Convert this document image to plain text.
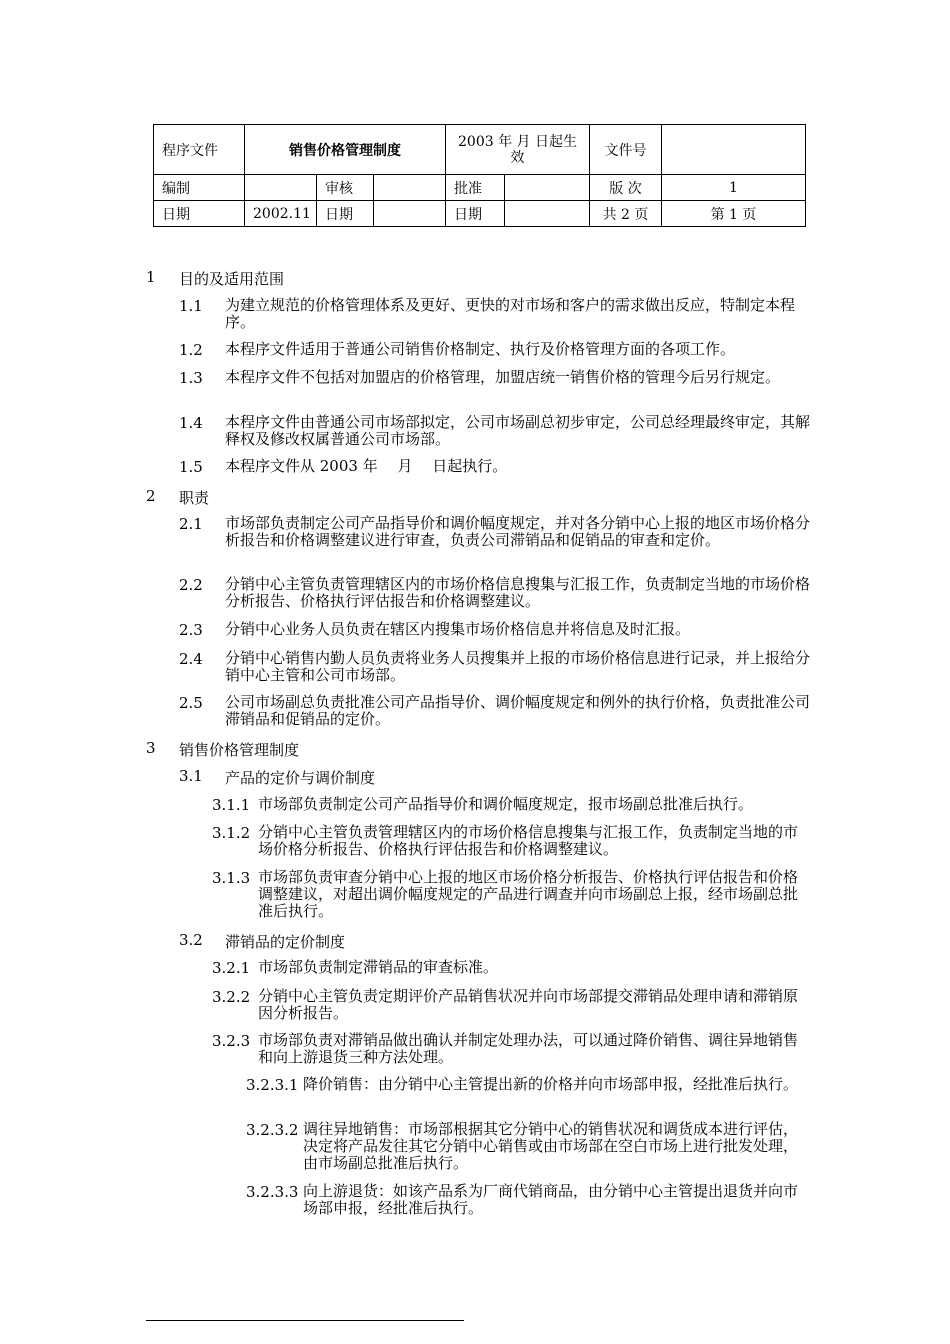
程序文件	销售价格管理制度			2003 年 月 日起生效		文件号	
编制		审核		批准		版 次	1
日期	2002.11	日期		日期		共 2 页	第 1 页
1 目的及适用范围
1.1 为建立规范的价格管理体系及更好、更快的对市场和客户的需求做出反应，特制定本程序。
1.2 本程序文件适用于普通公司销售价格制定、执行及价格管理方面的各项工作。
1.3 本程序文件不包括对加盟店的价格管理，加盟店统一销售价格的管理今后另行规定。
1.4 本程序文件由普通公司市场部拟定，公司市场副总初步审定，公司总经理最终审定，其解释权及修改权属普通公司市场部。
1.5 本程序文件从 2003 年　 月　 日起执行。
2 职责
2.1 市场部负责制定公司产品指导价和调价幅度规定，并对各分销中心上报的地区市场价格分析报告和价格调整建议进行审查，负责公司滞销品和促销品的审查和定价。
2.2 分销中心主管负责管理辖区内的市场价格信息搜集与汇报工作，负责制定当地的市场价格分析报告、价格执行评估报告和价格调整建议。
2.3 分销中心业务人员负责在辖区内搜集市场价格信息并将信息及时汇报。
2.4 分销中心销售内勤人员负责将业务人员搜集并上报的市场价格信息进行记录，并上报给分销中心主管和公司市场部。
2.5 公司市场副总负责批准公司产品指导价、调价幅度规定和例外的执行价格，负责批准公司滞销品和促销品的定价。
3 销售价格管理制度
3.1 产品的定价与调价制度
3.1.1 市场部负责制定公司产品指导价和调价幅度规定，报市场副总批准后执行。
3.1.2 分销中心主管负责管理辖区内的市场价格信息搜集与汇报工作，负责制定当地的市场价格分析报告、价格执行评估报告和价格调整建议。
3.1.3 市场部负责审查分销中心上报的地区市场价格分析报告、价格执行评估报告和价格调整建议，对超出调价幅度规定的产品进行调查并向市场副总上报，经市场副总批准后执行。
3.2 滞销品的定价制度
3.2.1 市场部负责制定滞销品的审查标准。
3.2.2 分销中心主管负责定期评价产品销售状况并向市场部提交滞销品处理申请和滞销原因分析报告。
3.2.3 市场部负责对滞销品做出确认并制定处理办法，可以通过降价销售、调往异地销售和向上游退货三种方法处理。
3.2.3.1 降价销售：由分销中心主管提出新的价格并向市场部申报，经批准后执行。
3.2.3.2 调往异地销售：市场部根据其它分销中心的销售状况和调货成本进行评估，决定将产品发往其它分销中心销售或由市场部在空白市场上进行批发处理，由市场副总批准后执行。
3.2.3.3 向上游退货：如该产品系为厂商代销商品，由分销中心主管提出退货并向市场部申报，经批准后执行。
